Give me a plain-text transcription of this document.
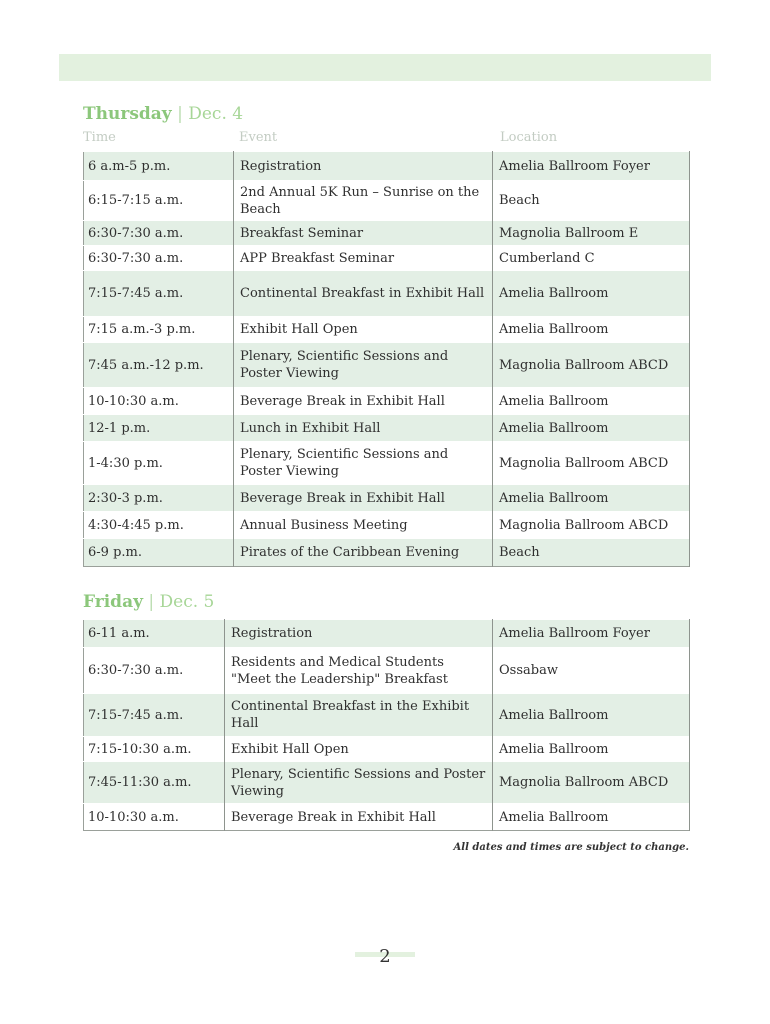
Thursday | Dec. 4
Time	Event	Location
6 a.m-5 p.m.	Registration	Amelia Ballroom Foyer
6:15-7:15 a.m.	2nd Annual 5K Run – Sunrise on the Beach	Beach
6:30-7:30 a.m.	Breakfast Seminar	Magnolia Ballroom E
6:30-7:30 a.m.	APP Breakfast Seminar	Cumberland C
7:15-7:45 a.m.	Continental Breakfast in Exhibit Hall	Amelia Ballroom
7:15 a.m.-3 p.m.	Exhibit Hall Open	Amelia Ballroom
7:45 a.m.-12 p.m.	Plenary, Scientific Sessions and Poster Viewing	Magnolia Ballroom ABCD
10-10:30 a.m.	Beverage Break in Exhibit Hall	Amelia Ballroom
12-1 p.m.	Lunch in Exhibit Hall	Amelia Ballroom
1-4:30 p.m.	Plenary, Scientific Sessions and Poster Viewing	Magnolia Ballroom ABCD
2:30-3 p.m.	Beverage Break in Exhibit Hall	Amelia Ballroom
4:30-4:45 p.m.	Annual Business Meeting	Magnolia Ballroom ABCD
6-9 p.m.	Pirates of the Caribbean Evening	Beach
Friday | Dec. 5
6-11 a.m.	Registration	Amelia Ballroom Foyer
6:30-7:30 a.m.	Residents and Medical Students "Meet the Leadership" Breakfast	Ossabaw
7:15-7:45 a.m.	Continental Breakfast in the Exhibit Hall	Amelia Ballroom
7:15-10:30 a.m.	Exhibit Hall Open	Amelia Ballroom
7:45-11:30 a.m.	Plenary, Scientific Sessions and Poster Viewing	Magnolia Ballroom ABCD
10-10:30 a.m.	Beverage Break in Exhibit Hall	Amelia Ballroom
All dates and times are subject to change.
2
